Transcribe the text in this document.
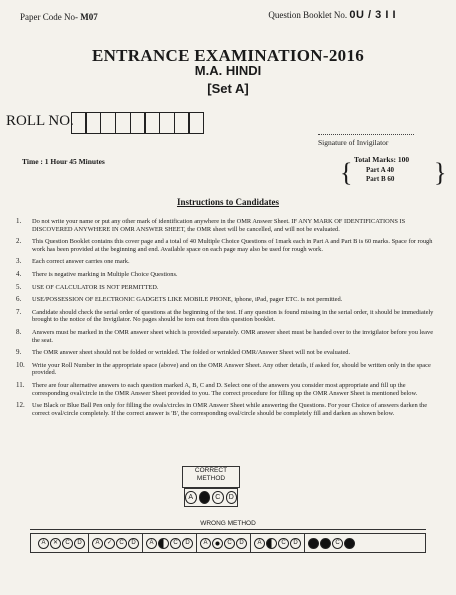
Paper Code No- M07	Question Booklet No. 0U / 3 I I
ENTRANCE EXAMINATION-2016
M.A. HINDI
[Set A]
ROLL NO.
Signature of Invigilator
Time : 1 Hour 45 Minutes	Total Marks: 100
{ Part A 40
Part B 60 }
Instructions to Candidates
1.	Do not write your name or put any other mark of identification anywhere in the OMR Answer Sheet. IF ANY MARK OF IDENTIFICATIONS IS DISCOVERED ANYWHERE IN OMR ANSWER SHEET, the OMR sheet will be cancelled, and will not be evaluated.
2.	This Question Booklet contains this cover page and a total of 40 Multiple Choice Questions of 1mark each in Part A and Part B is 60 marks. Space for rough work has been provided at the beginning and end. Available space on each page may also be used for rough work.
3.	Each correct answer carries one mark.
4.	There is negative marking in Multiple Choice Questions.
5.	USE OF CALCULATOR IS NOT PERMITTED.
6.	USE/POSSESSION OF ELECTRONIC GADGETS LIKE MOBILE PHONE, iphone, iPad, pager ETC. is not permitted.
7.	Candidate should check the serial order of questions at the beginning of the test. If any question is found missing in the serial order, it should be immediately brought to the notice of the Invigilator. No pages should be torn out from this question booklet.
8.	Answers must be marked in the OMR answer sheet which is provided separately. OMR answer sheet must be handed over to the invigilator before you leave the seat.
9.	The OMR answer sheet should not be folded or wrinkled. The folded or wrinkled OMR/Answer Sheet will not be evaluated.
10.	Write your Roll Number in the appropriate space (above) and on the OMR Answer Sheet. Any other details, if asked for, should be written only in the space provided.
11.	There are four alternative answers to each question marked A, B, C and D. Select one of the answers you consider most appropriate and fill up the corresponding oval/circle in the OMR Answer Sheet provided to you. The correct procedure for filling up the OMR Answer Sheet is mentioned below.
12.	Use Black or Blue Ball Pen only for filling the ovals/circles in OMR Answer Sheet while answering the Questions. For your Choice of answers darken the correct oval/circle completely. If the correct answer is 'B', the corresponding oval/circle should be completely fill and darken as shown below.
CORRECT METHOD
A	B	C	D
WRONG METHOD
A	✕	C	D	A	✓	C	D	A	C	D	A	C	D	A	C	D	C
